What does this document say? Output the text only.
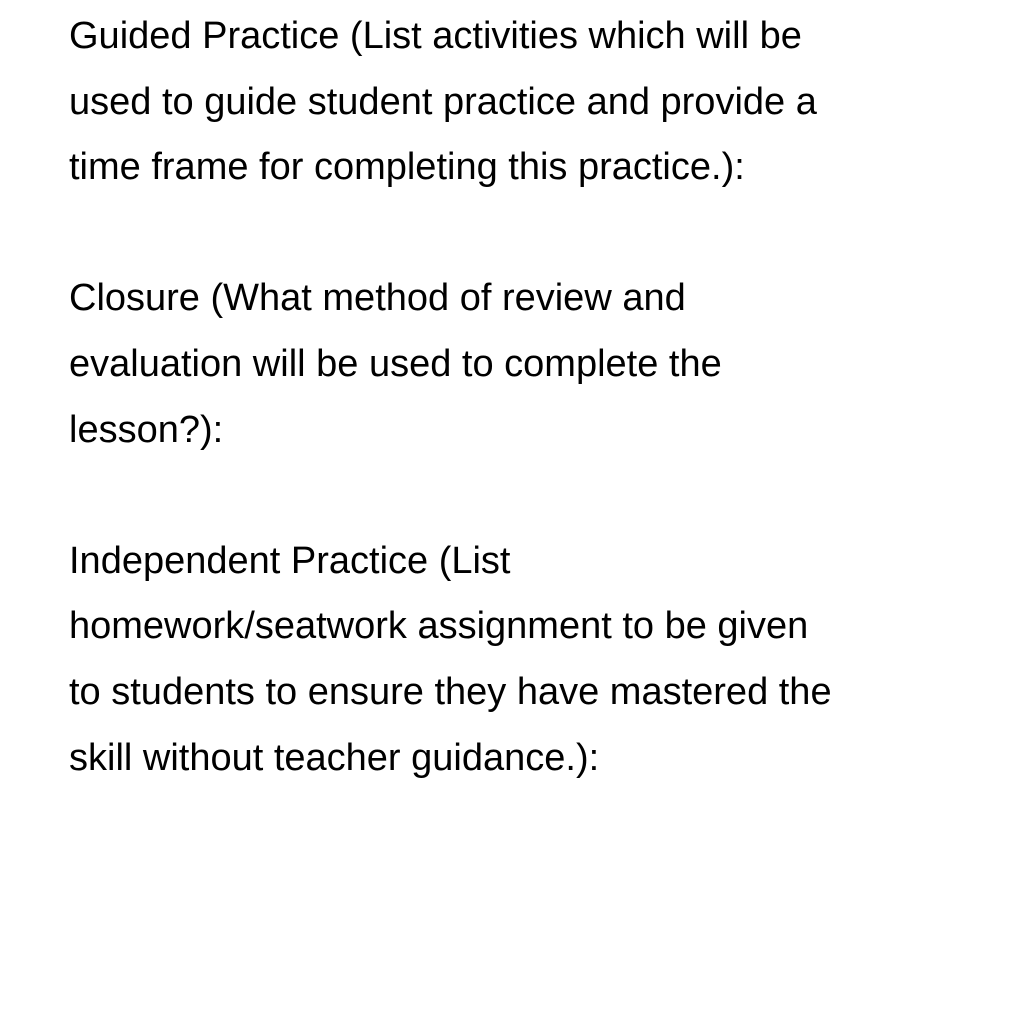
Guided Practice (List activities which will be
used to guide student practice and provide a
time frame for completing this practice.):
Closure (What method of review and
evaluation will be used to complete the
lesson?):
Independent Practice (List
homework/seatwork assignment to be given
to students to ensure they have mastered the
skill without teacher guidance.):
